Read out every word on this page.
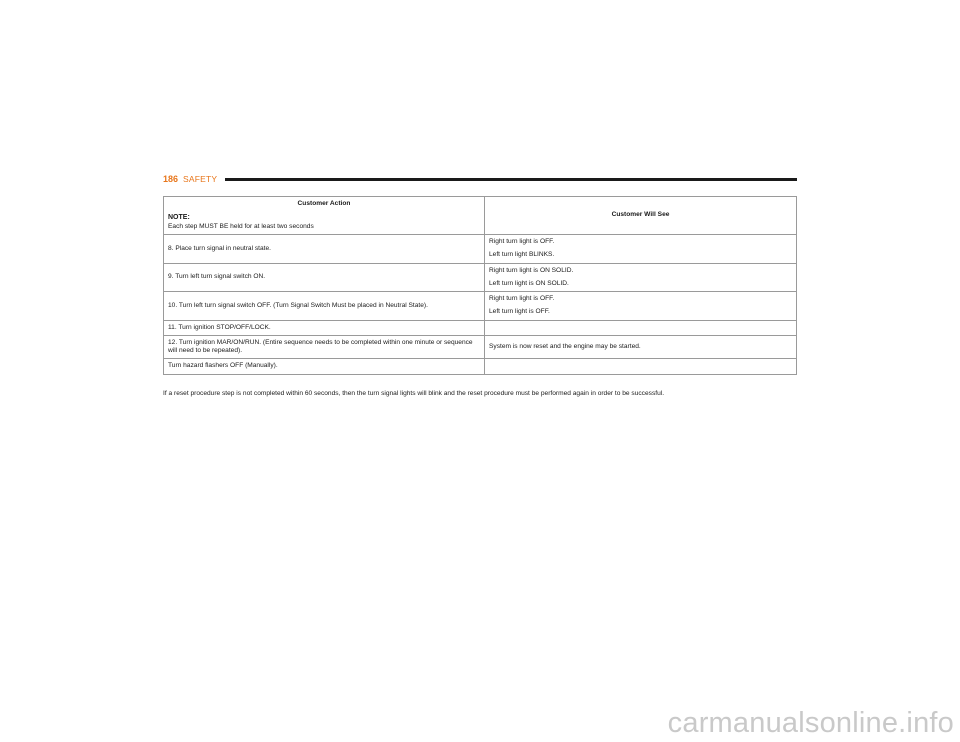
186 SAFETY
Customer Action
NOTE:
Each step MUST BE held for at least two seconds	Customer Will See
8. Place turn signal in neutral state.	Right turn light is OFF.
Left turn light BLINKS.

9. Turn left turn signal switch ON.	Right turn light is ON SOLID.
Left turn light is ON SOLID.

10. Turn left turn signal switch OFF. (Turn Signal Switch Must be placed in Neutral State).	Right turn light is OFF.
Left turn light is OFF.

11. Turn ignition STOP/OFF/LOCK.	
12. Turn ignition MAR/ON/RUN. (Entire sequence needs to be completed within one minute or sequence will need to be repeated).	System is now reset and the engine may be started.

Turn hazard flashers OFF (Manually).	

If a reset procedure step is not completed within 60 seconds, then the turn signal lights will blink and the reset procedure must be performed again in order to be successful.

carmanualsonline.info
